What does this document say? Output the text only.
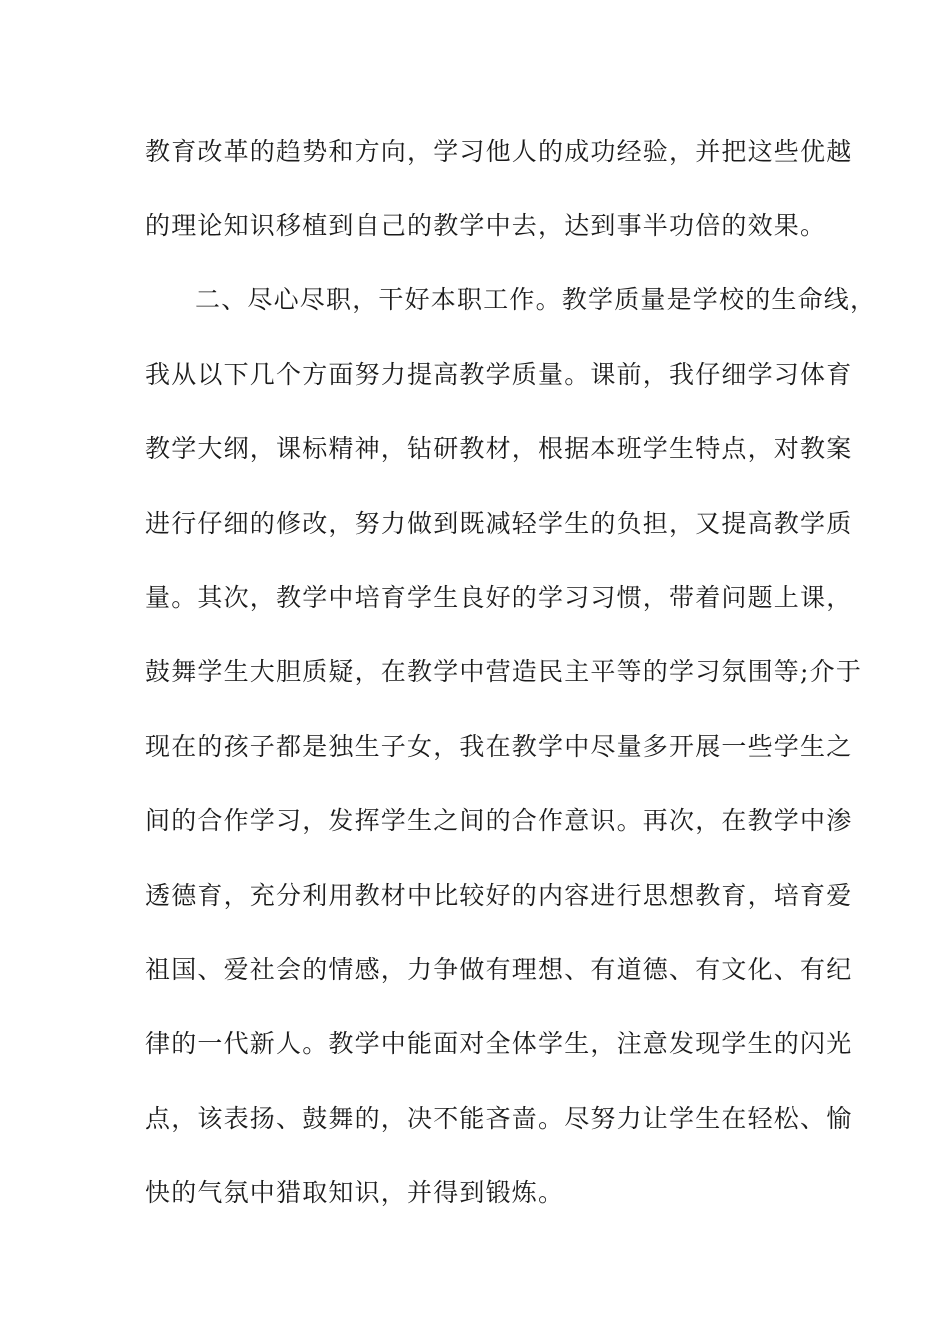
教育改革的趋势和方向，学习他人的成功经验，并把这些优越
的理论知识移植到自己的教学中去，达到事半功倍的效果。
二、尽心尽职，干好本职工作。教学质量是学校的生命线，
我从以下几个方面努力提高教学质量。课前，我仔细学习体育
教学大纲，课标精神，钻研教材，根据本班学生特点，对教案
进行仔细的修改，努力做到既减轻学生的负担，又提高教学质
量。其次，教学中培育学生良好的学习习惯，带着问题上课，
鼓舞学生大胆质疑，在教学中营造民主平等的学习氛围等;介于
现在的孩子都是独生子女，我在教学中尽量多开展一些学生之
间的合作学习，发挥学生之间的合作意识。再次，在教学中渗
透德育，充分利用教材中比较好的内容进行思想教育，培育爱
祖国、爱社会的情感，力争做有理想、有道德、有文化、有纪
律的一代新人。教学中能面对全体学生，注意发现学生的闪光
点，该表扬、鼓舞的，决不能吝啬。尽努力让学生在轻松、愉
快的气氛中猎取知识，并得到锻炼。
